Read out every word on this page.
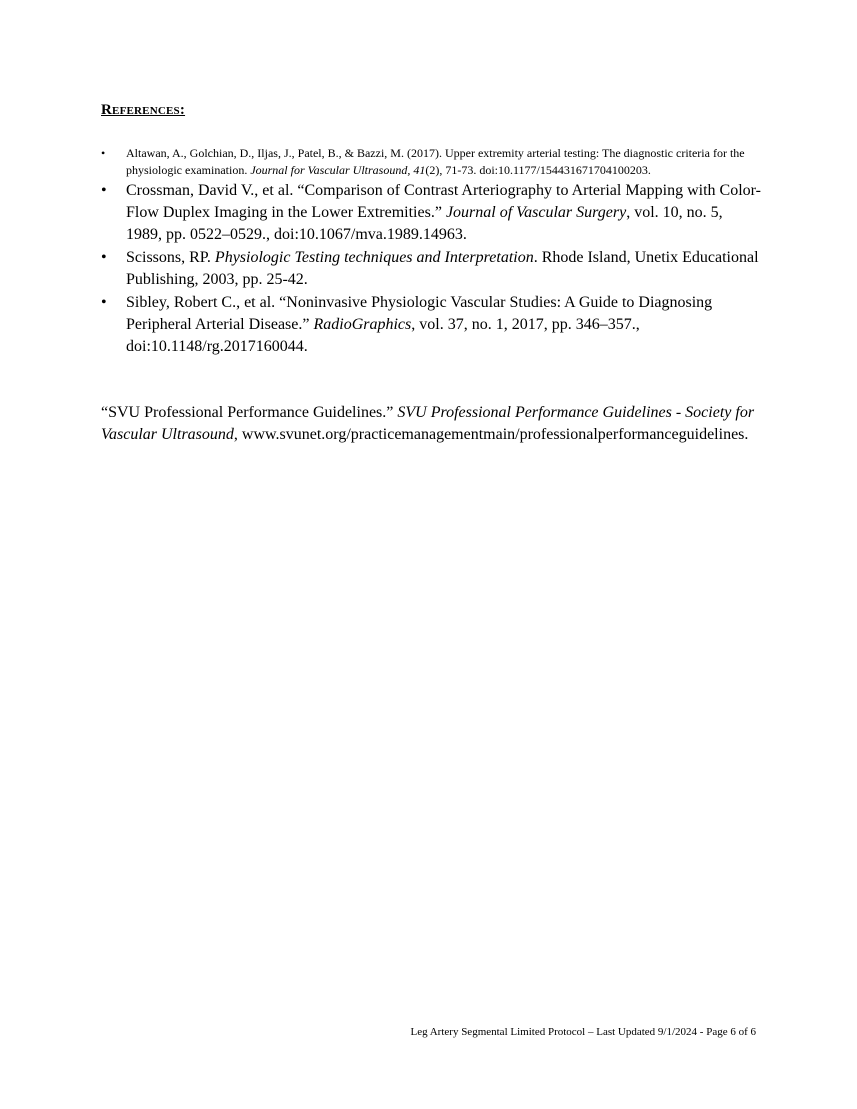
References:
• Altawan, A., Golchian, D., Iljas, J., Patel, B., & Bazzi, M. (2017). Upper extremity arterial testing: The diagnostic criteria for the physiologic examination. Journal for Vascular Ultrasound, 41(2), 71-73. doi:10.1177/154431671704100203.
• Crossman, David V., et al. “Comparison of Contrast Arteriography to Arterial Mapping with Color-Flow Duplex Imaging in the Lower Extremities.” Journal of Vascular Surgery, vol. 10, no. 5, 1989, pp. 0522–0529., doi:10.1067/mva.1989.14963.
• Scissons, RP. Physiologic Testing techniques and Interpretation. Rhode Island, Unetix Educational Publishing, 2003, pp. 25-42.
• Sibley, Robert C., et al. “Noninvasive Physiologic Vascular Studies: A Guide to Diagnosing Peripheral Arterial Disease.” RadioGraphics, vol. 37, no. 1, 2017, pp. 346–357., doi:10.1148/rg.2017160044.
“SVU Professional Performance Guidelines.” SVU Professional Performance Guidelines - Society for Vascular Ultrasound, www.svunet.org/practicemanagementmain/professionalperformanceguidelines.
Leg Artery Segmental Limited Protocol – Last Updated 9/1/2024 - Page 6 of 6
